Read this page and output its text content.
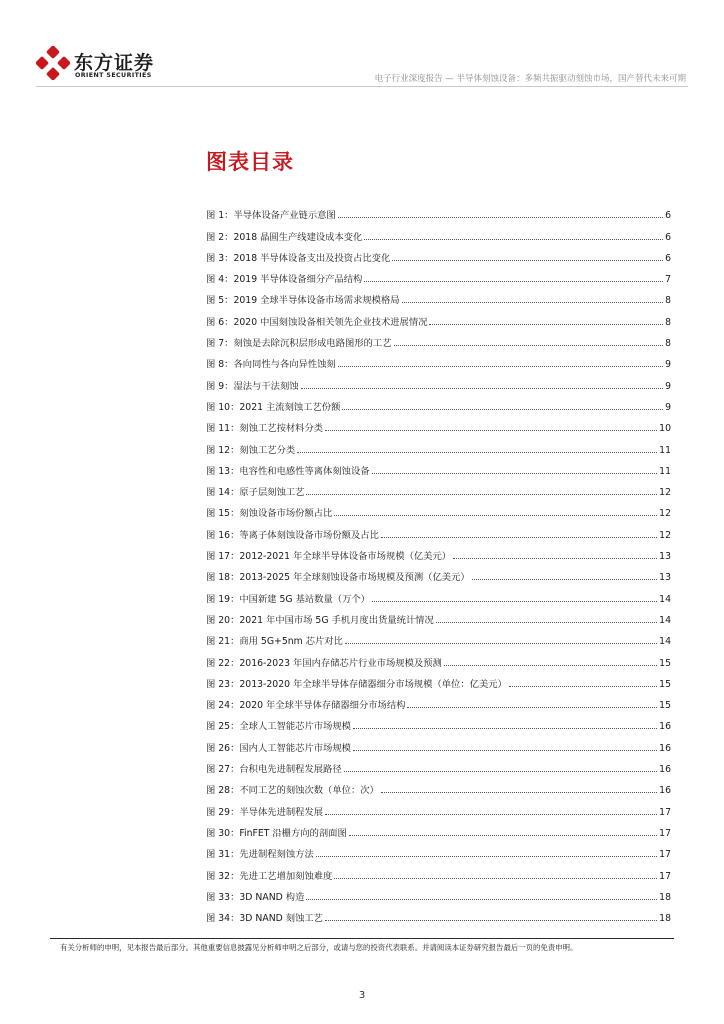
东方证券
ORIENT SECURITIES	电子行业深度报告 — 半导体刻蚀设备：多频共振驱动刻蚀市场，国产替代未来可期
图表目录
图 1：半导体设备产业链示意图	6
图 2：2018 晶圆生产线建设成本变化	6
图 3：2018 半导体设备支出及投资占比变化	6
图 4：2019 半导体设备细分产品结构	7
图 5：2019 全球半导体设备市场需求规模格局	8
图 6：2020 中国刻蚀设备相关领先企业技术进展情况	8
图 7：刻蚀是去除沉积层形成电路图形的工艺	8
图 8：各向同性与各向异性蚀刻	9
图 9：湿法与干法刻蚀	9
图 10：2021 主流刻蚀工艺份额	9
图 11：刻蚀工艺按材料分类	10
图 12：刻蚀工艺分类	11
图 13：电容性和电感性等离体刻蚀设备	11
图 14：原子层刻蚀工艺	12
图 15：刻蚀设备市场份额占比	12
图 16：等离子体刻蚀设备市场份额及占比	12
图 17：2012-2021 年全球半导体设备市场规模（亿美元）	13
图 18：2013-2025 年全球刻蚀设备市场规模及预测（亿美元）	13
图 19：中国新建 5G 基站数量（万个）	14
图 20：2021 年中国市场 5G 手机月度出货量统计情况	14
图 21：商用 5G+5nm 芯片对比	14
图 22：2016-2023 年国内存储芯片行业市场规模及预测	15
图 23：2013-2020 年全球半导体存储器细分市场规模（单位：亿美元）	15
图 24：2020 年全球半导体存储器细分市场结构	15
图 25：全球人工智能芯片市场规模	16
图 26：国内人工智能芯片市场规模	16
图 27：台积电先进制程发展路径	16
图 28：不同工艺的刻蚀次数（单位：次）	16
图 29：半导体先进制程发展	17
图 30：FinFET 沿栅方向的剖面图	17
图 31：先进制程刻蚀方法	17
图 32：先进工艺增加刻蚀难度	17
图 33：3D NAND 构造	18
图 34：3D NAND 刻蚀工艺	18
有关分析师的申明，见本报告最后部分。其他重要信息披露见分析师申明之后部分，或请与您的投资代表联系。并请阅读本证券研究报告最后一页的免责申明。
3
